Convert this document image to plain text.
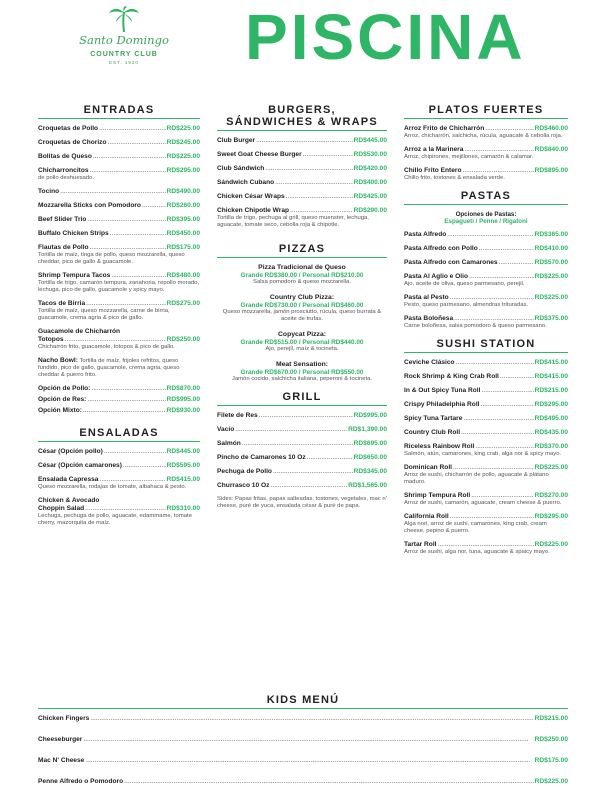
Santo Domingo
COUNTRY CLUB
EST. 1920	PISCINA
ENTRADAS
Croquetas de Pollo .....	RD$225.00
Croquetas de Chorizo .....	RD$245.00
Bolitas de Queso .....	RD$225.00
Chicharroncitos .....	RD$295.00
de pollo deshuesado.
Tocino .....	RD$490.00
Mozzarella Sticks con Pomodoro .....	RD$260.00
Beef Slider Trio .....	RD$395.00
Buffalo Chicken Strips .....	RD$450.00
Flautas de Pollo .....	RD$175.00
Tortilla de maíz, tinga de pollo, queso mozzarella, queso cheddar, pico de gallo & guacamole.
Shrimp Tempura Tacos .....	RD$480.00
Tortilla de trigo, camarón tempura, zanahoria, repollo morado, lechuga, pico de gallo, guacamole y spicy mayo.
Tacos de Birria .....	RD$275.00
Tortilla de maíz, queso mozzarella, carne de birria, guacamole, crema agria & pico de gallo.
Guacamole de Chicharrón
Totopos .....	RD$250.00
Chicharrón frito, guacamole, totopos & pico de gallo.
Nacho Bowl: Tortilla de maíz, frijoles refritos, queso fundido, pico de gallo, guacamole, crema agria, queso cheddar & puerro frito.
Opción de Pollo: .....	RD$870.00
Opción de Res: .....	RD$995.00
Opción Mixto: .....	RD$930.00
ENSALADAS
César (Opción pollo) .....	RD$445.00
César (Opción camarones) .....	RD$595.00
Ensalada Capressa .....	RD$415.00
Queso mozzarella, rodajas de tomate, albahaca & pesto.
Chicken & Avocado
Choppin Salad .....	RD$310.00
Lechuga, pechuga de pollo, aguacate, edammame, tomate cherry, mazorquita de maíz.
BURGERS,
SÁNDWICHES & WRAPS
Club Burger .....	RD$445.00
Sweet Goat Cheese Burger .....	RD$530.00
Club Sándwich .....	RD$420.00
Sándwich Cubano .....	RD$400.00
Chicken César Wraps .....	RD$425.00
Chicken Chipotle Wrap .....	RD$290.00
Tortilla de trigo, pechuga al grill, queso muenster, lechuga, aguacate, tomate seco, cebolla roja & chipotle.
PIZZAS
Pizza Tradicional de Queso
Grande RD$380.00 / Personal RD$210.00
Salsa pomodoro & queso mozzarella.
Country Club Pizza:
Grande RD$730.00 / Personal RD$460.00
Queso mozzarella, jamón prosciutto, rúcula, queso burrata & aceite de trufas.
Copycat Pizza:
Grande RD$515.00 / Personal RD$440.00
Ajo, perejil, maíz & tocineta.
Meat Sensation:
Grande RD$670.00 / Personal RD$550.00
Jamón cocido, salchicha italiana, peperoni & tocineta.
GRILL
Filete de Res .....	RD$995.00
Vacío .....	RD$1,390.00
Salmón .....	RD$695.00
Pincho de Camarones 10 Oz .....	RD$650.00
Pechuga de Pollo .....	RD$345.00
Churrasco 10 Oz .....	RD$1,565.00
Sides: Papas fritas, papas salteadas, tostones, vegetales, mac n' cheese, puré de yuca, ensalada césar & puré de papa.
PLATOS FUERTES
Arroz Frito de Chicharrón .....	RD$460.00
Arroz, chicharrón, salchicha, rúcula, aguacate & cebolla roja.
Arroz a la Marinera .....	RD$840.00
Arroz, chipirones, mejillones, camarón & calamar.
Chillo Frito Entero .....	RD$895.00
Chillo frito, tostones & ensalada verde.
PASTAS
Opciones de Pastas:
Espagueti / Penne / Rigatoni
Pasta Alfredo .....	RD$365.00
Pasta Alfredo con Pollo .....	RD$410.00
Pasta Alfredo con Camarones .....	RD$570.00
Pasta Al Aglio e Olio .....	RD$225.00
Ajo, aceite de oliva, queso parmesano, perejil.
Pasta al Pesto .....	RD$225.00
Pesto, queso parmesano, almendras trituradas.
Pasta Boloñesa .....	RD$375.00
Carne boloñesa, salsa pomodoro & queso parmesano.
SUSHI STATION
Ceviche Clásico .....	RD$415.00
Rock Shrimp & King Crab Roll .....	RD$415.00
In & Out Spicy Tuna Roll .....	RD$215.00
Crispy Philadelphia Roll .....	RD$295.00
Spicy Tuna Tartare .....	RD$495.00
Country Club Roll .....	RD$435.00
Riceless Rainbow Roll .....	RD$370.00
Salmón, atún, camarones, king crab, alga nor & spicy mayo.
Dominican Roll .....	RD$225.00
Arroz de sushi, chicharrón de pollo, aguacate & plátano maduro.
Shrimp Tempura Roll .....	RD$270.00
Arroz de sushi, camarón, aguacate, cream cheese & puerro.
California Roll .....	RD$295.00
Alga nori, arroz de sushi, camarones, king crab, cream cheese, pepino & puerro.
Tartar Roll .....	RD$225.00
Arroz de sushi, alga nor, tuna, aguacate & spaicy mayo.
KIDS MENÚ
Chicken Fingers .....	RD$215.00
Cheeseburger .....	RD$250.00
Mac N' Cheese .....	RD$175.00
Penne Alfredo o Pomodoro .....	RD$225.00
